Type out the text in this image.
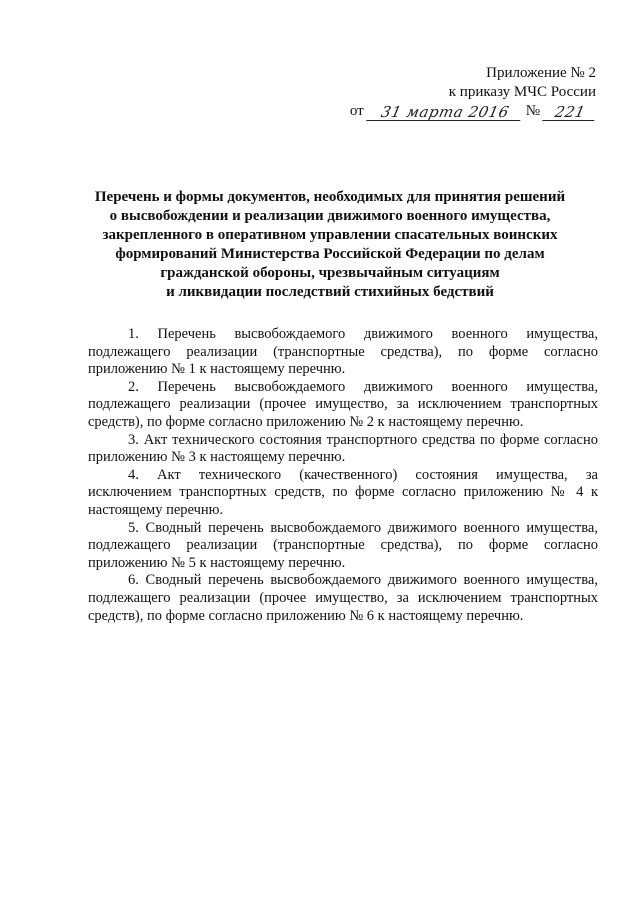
Приложение № 2
к приказу МЧС России
от	31 марта 2016	№ 221
Перечень и формы документов, необходимых для принятия решений
о высвобождении и реализации движимого военного имущества,
закрепленного в оперативном управлении спасательных воинских
формирований Министерства Российской Федерации по делам
гражданской обороны, чрезвычайным ситуациям
и ликвидации последствий стихийных бедствий

1. Перечень высвобождаемого движимого военного имущества, подлежащего реализации (транспортные средства), по форме согласно приложению № 1 к настоящему перечню.

2. Перечень высвобождаемого движимого военного имущества, подлежащего реализации (прочее имущество, за исключением транспортных средств), по форме согласно приложению № 2 к настоящему перечню.

3. Акт технического состояния транспортного средства по форме согласно приложению № 3 к настоящему перечню.

4. Акт технического (качественного) состояния имущества, за исключением транспортных средств, по форме согласно приложению № 4 к настоящему перечню.

5. Сводный перечень высвобождаемого движимого военного имущества, подлежащего реализации (транспортные средства), по форме согласно приложению № 5 к настоящему перечню.

6. Сводный перечень высвобождаемого движимого военного имущества, подлежащего реализации (прочее имущество, за исключением транспортных средств), по форме согласно приложению № 6 к настоящему перечню.
